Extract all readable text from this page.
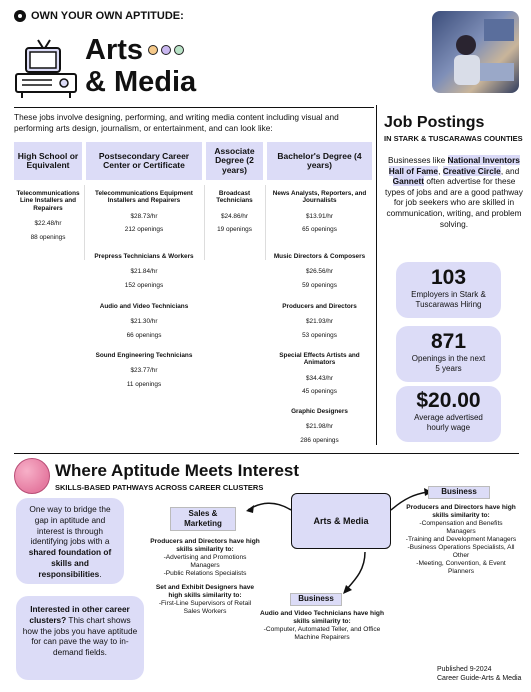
OWN YOUR OWN APTITUDE:
Arts
& Media
These jobs involve designing, performing, and writing media content including visual and performing arts design, journalism, or entertainment, and can look like:
High School or Equivalent
Postsecondary Career Center or Certificate
Associate Degree (2 years)
Bachelor's Degree (4 years)
Telecommunications Line Installers and Repairers
$22.48/hr
88 openings
Telecommunications Equipment Installers and Repairers
$28.73/hr
212 openings
Prepress Technicians & Workers
$21.84/hr
152 openings
Audio and Video Technicians
$21.30/hr
66 openings
Sound Engineering Technicians
$23.77/hr
11 openings
Broadcast Technicians
$24.86/hr
19 openings
News Analysts, Reporters, and Journalists
$13.91/hr
65 openings
Music Directors & Composers
$26.56/hr
59 openings
Producers and Directors
$21.93/hr
53 openings
Special Effects Artists and Animators
$34.43/hr
45 openings
Graphic Designers
$21.98/hr
286 openings
Job Postings
IN STARK & TUSCARAWAS COUNTIES
Businesses like National Inventors Hall of Fame, Creative Circle, and Gannett often advertise for these types of jobs and are a good pathway for job seekers who are skilled in communication, writing, and problem solving.
103
Employers in Stark & Tuscarawas Hiring
871
Openings in the next 5 years
$20.00
Average advertised hourly wage
Where Aptitude Meets Interest
SKILLS-BASED PATHWAYS ACROSS CAREER CLUSTERS
One way to bridge the gap in aptitude and interest is through identifying jobs with a shared foundation of skills and responsibilities.
Interested in other career clusters? This chart shows how the jobs you have aptitude for can pave the way to in-demand fields.
Arts & Media
Sales & Marketing
Producers and Directors have high skills similarity to:
-Advertising and Promotions Managers
-Public Relations Specialists
Set and Exhibit Designers have high skills similarity to:
-First-Line Supervisors of Retail Sales Workers
Business
Producers and Directors have high skills similarity to:
-Compensation and Benefits Managers
-Training and Development Managers
-Business Operations Specialists, All Other
-Meeting, Convention, & Event Planners
Business
Audio and Video Technicians have high skills similarity to:
-Computer, Automated Teller, and Office Machine Repairers
Published 9-2024
Career Guide-Arts & Media
